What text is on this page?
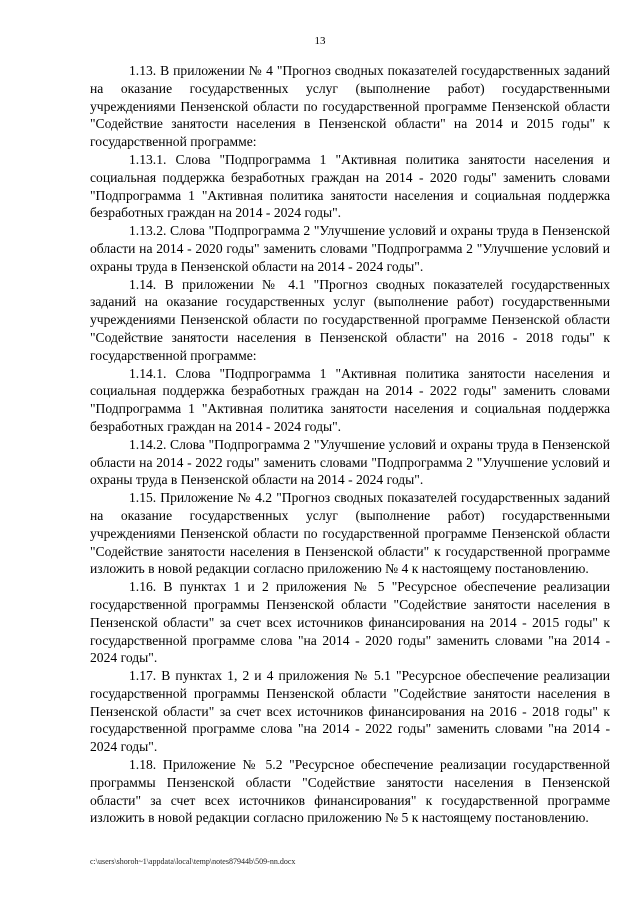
13

1.13. В приложении № 4 "Прогноз сводных показателей государственных заданий на оказание государственных услуг (выполнение работ) государственными учреждениями Пензенской области по государственной программе Пензенской области "Содействие занятости населения в Пензенской области" на 2014 и 2015 годы" к государственной программе:

1.13.1. Слова "Подпрограмма 1 "Активная политика занятости населения и социальная поддержка безработных граждан на 2014 - 2020 годы" заменить словами "Подпрограмма 1 "Активная политика занятости населения и социальная поддержка безработных граждан на 2014 - 2024 годы".

1.13.2. Слова "Подпрограмма 2 "Улучшение условий и охраны труда в Пензенской области на 2014 - 2020 годы" заменить словами "Подпрограмма 2 "Улучшение условий и охраны труда в Пензенской области на 2014 - 2024 годы".

1.14. В приложении № 4.1 "Прогноз сводных показателей государственных заданий на оказание государственных услуг (выполнение работ) государственными учреждениями Пензенской области по государственной программе Пензенской области "Содействие занятости населения в Пензенской области" на 2016 - 2018 годы" к государственной программе:

1.14.1. Слова "Подпрограмма 1 "Активная политика занятости населения и социальная поддержка безработных граждан на 2014 - 2022 годы" заменить словами "Подпрограмма 1 "Активная политика занятости населения и социальная поддержка безработных граждан на 2014 - 2024 годы".

1.14.2. Слова "Подпрограмма 2 "Улучшение условий и охраны труда в Пензенской области на 2014 - 2022 годы" заменить словами "Подпрограмма 2 "Улучшение условий и охраны труда в Пензенской области на 2014 - 2024 годы".

1.15. Приложение № 4.2 "Прогноз сводных показателей государственных заданий на оказание государственных услуг (выполнение работ) государственными учреждениями Пензенской области по государственной программе Пензенской области "Содействие занятости населения в Пензенской области" к государственной программе изложить в новой редакции согласно приложению № 4 к настоящему постановлению.

1.16. В пунктах 1 и 2 приложения № 5 "Ресурсное обеспечение реализации государственной программы Пензенской области "Содействие занятости населения в Пензенской области" за счет всех источников финансирования на 2014 - 2015 годы" к государственной программе слова "на 2014 - 2020 годы" заменить словами "на 2014 - 2024 годы".

1.17. В пунктах 1, 2 и 4 приложения № 5.1 "Ресурсное обеспечение реализации государственной программы Пензенской области "Содействие занятости населения в Пензенской области" за счет всех источников финансирования на 2016 - 2018 годы" к государственной программе слова "на 2014 - 2022 годы" заменить словами "на 2014 - 2024 годы".

1.18. Приложение № 5.2 "Ресурсное обеспечение реализации государственной программы Пензенской области "Содействие занятости населения в Пензенской области" за счет всех источников финансирования" к государственной программе изложить в новой редакции согласно приложению № 5 к настоящему постановлению.

c:\users\shoroh~1\appdata\local\temp\notes87944b\509-nn.docx
